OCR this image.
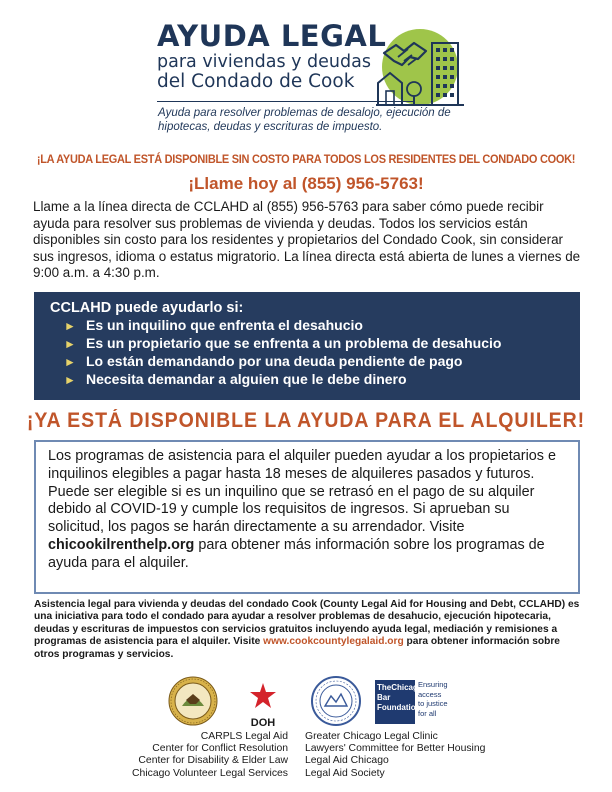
AYUDA LEGAL
para viviendas y deudas
del Condado de Cook
Ayuda para resolver problemas de desalojo, ejecución de hipotecas, deudas y escrituras de impuesto.
¡LA AYUDA LEGAL ESTÁ DISPONIBLE SIN COSTO PARA TODOS LOS RESIDENTES DEL CONDADO COOK!
¡Llame hoy al (855) 956-5763!
Llame a la línea directa de CCLAHD al (855) 956-5763 para saber cómo puede recibir ayuda para resolver sus problemas de vivienda y deudas. Todos los servicios están disponibles sin costo para los residentes y propietarios del Condado Cook, sin considerar sus ingresos, idioma o estatus migratorio. La línea directa está abierta de lunes a viernes de 9:00 a.m. a 4:30 p.m.
CCLAHD puede ayudarlo si:
► Es un inquilino que enfrenta el desahucio
► Es un propietario que se enfrenta a un problema de desahucio
► Lo están demandando por una deuda pendiente de pago
► Necesita demandar a alguien que le debe dinero
¡YA ESTÁ DISPONIBLE LA AYUDA PARA EL ALQUILER!
Los programas de asistencia para el alquiler pueden ayudar a los propietarios e inquilinos elegibles a pagar hasta 18 meses de alquileres pasados y futuros. Puede ser elegible si es un inquilino que se retrasó en el pago de su alquiler debido al COVID-19 y cumple los requisitos de ingresos. Si aprueban su solicitud, los pagos se harán directamente a su arrendador. Visite chicookilrenthelp.org para obtener más información sobre los programas de ayuda para el alquiler.
Asistencia legal para vivienda y deudas del condado Cook (County Legal Aid for Housing and Debt, CCLAHD) es una iniciativa para todo el condado para ayudar a resolver problemas de desahucio, ejecución hipotecaria, deudas y escrituras de impuestos con servicios gratuitos incluyendo ayuda legal, mediación y remisiones a programas de asistencia para el alquiler. Visite www.cookcountylegalaid.org para obtener información sobre otros programas y servicios.
DOH
TheChicago
Bar
Foundation
Ensuring
access
to justice
for all
CARPLS Legal Aid
Center for Conflict Resolution
Center for Disability & Elder Law
Chicago Volunteer Legal Services
Greater Chicago Legal Clinic
Lawyers' Committee for Better Housing
Legal Aid Chicago
Legal Aid Society
